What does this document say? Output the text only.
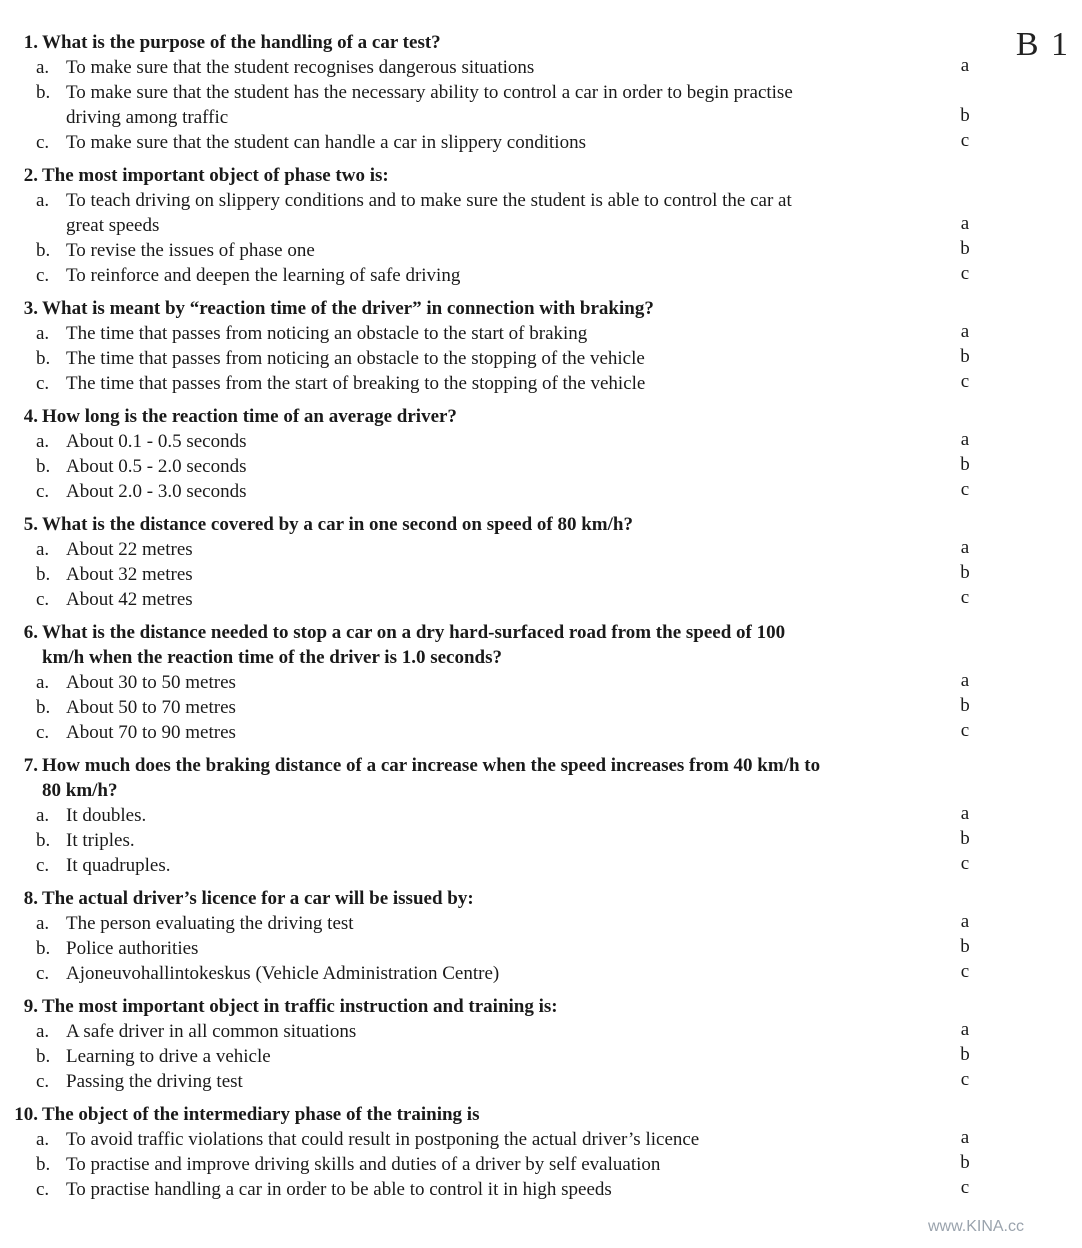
B 1
1. What is the purpose of the handling of a car test?
a. To make sure that the student recognises dangerous situations	a
b. To make sure that the student has the necessary ability to control a car in order to begin practise driving among traffic	b
c. To make sure that the student can handle a car in slippery conditions	c
2. The most important object of phase two is:
a. To teach driving on slippery conditions and to make sure the student is able to control the car at great speeds	a
b. To revise the issues of phase one	b
c. To reinforce and deepen the learning of safe driving	c
3. What is meant by “reaction time of the driver” in connection with braking?
a. The time that passes from noticing an obstacle to the start of braking	a
b. The time that passes from noticing an obstacle to the stopping of the vehicle	b
c. The time that passes from the start of breaking to the stopping of the vehicle	c
4. How long is the reaction time of an average driver?
a. About 0.1 - 0.5 seconds	a
b. About 0.5 - 2.0 seconds	b
c. About 2.0 - 3.0 seconds	c
5. What is the distance covered by a car in one second on speed of 80 km/h?
a. About 22 metres	a
b. About 32 metres	b
c. About 42 metres	c
6. What is the distance needed to stop a car on a dry hard-surfaced road from the speed of 100 km/h when the reaction time of the driver is 1.0 seconds?
a. About 30 to 50 metres	a
b. About 50 to 70 metres	b
c. About 70 to 90 metres	c
7. How much does the braking distance of a car increase when the speed increases from 40 km/h to 80 km/h?
a. It doubles.	a
b. It triples.	b
c. It quadruples.	c
8. The actual driver’s licence for a car will be issued by:
a. The person evaluating the driving test	a
b. Police authorities	b
c. Ajoneuvohallintokeskus (Vehicle Administration Centre)	c
9. The most important object in traffic instruction and training is:
a. A safe driver in all common situations	a
b. Learning to drive a vehicle	b
c. Passing the driving test	c
10. The object of the intermediary phase of the training is
a. To avoid traffic violations that could result in postponing the actual driver’s licence	a
b. To practise and improve driving skills and duties of a driver by self evaluation	b
c. To practise handling a car in order to be able to control it in high speeds	c
www.KINA.cc
